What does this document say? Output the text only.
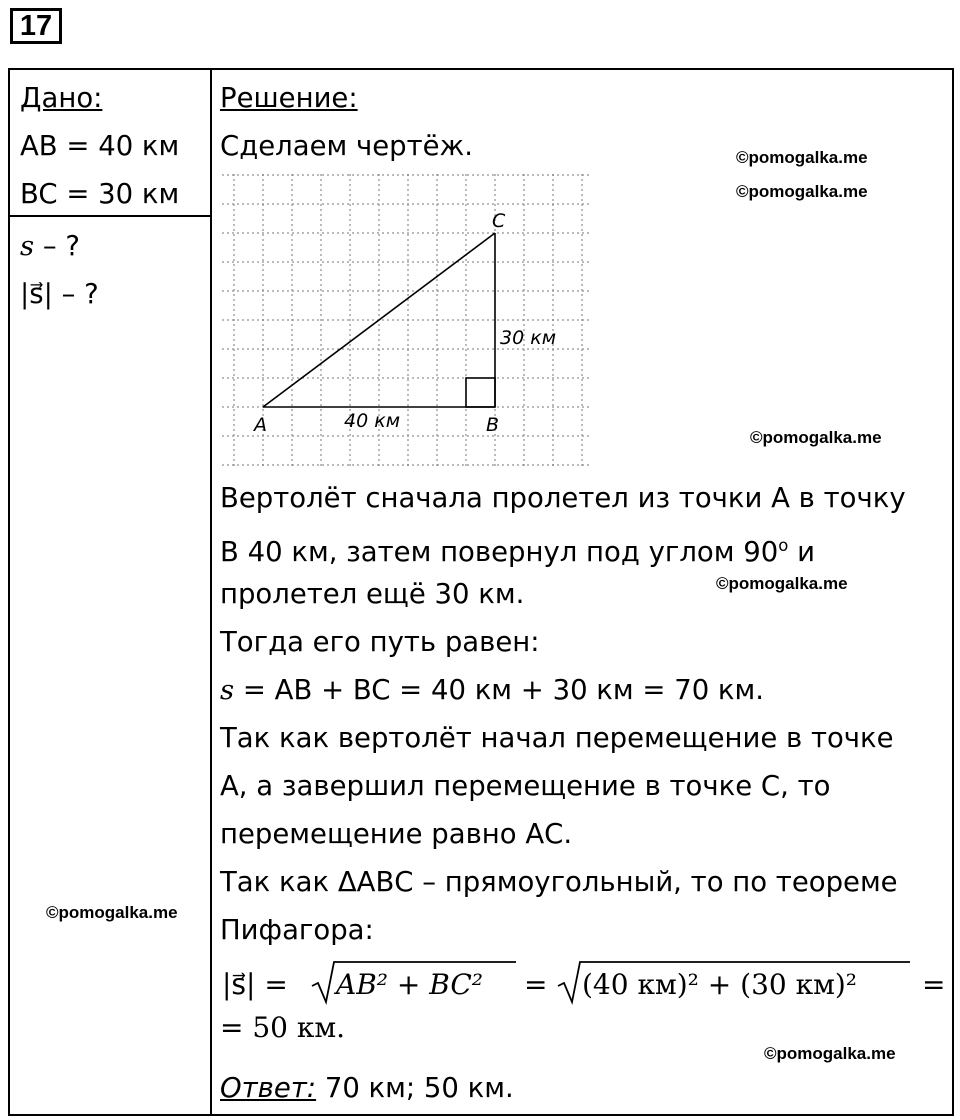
17
Дано:
AB = 40 км
BC = 30 км
s – ?
|s⃗| – ?
Решение:
Сделаем чертёж.
A	B
C
40 км
30 км
Вертолёт сначала пролетел из точки А в точку
В 40 км, затем повернул под углом $90^о$ и
пролетел ещё 30 км.
Тогда его путь равен:
s = AB + BC = 40 км + 30 км = 70 км.
Так как вертолёт начал перемещение в точке
А, а завершил перемещение в точке С, то
перемещение равно АС.
Так как ΔАВС – прямоугольный, то по теореме
Пифагора:
|s⃗| = AB² + BC² = (40 км)² + (30 км)² =
= 50 км.
Ответ: 70 км; 50 км.
©pomogalka.me
©pomogalka.me
©pomogalka.me
©pomogalka.me
©pomogalka.me
©pomogalka.me
